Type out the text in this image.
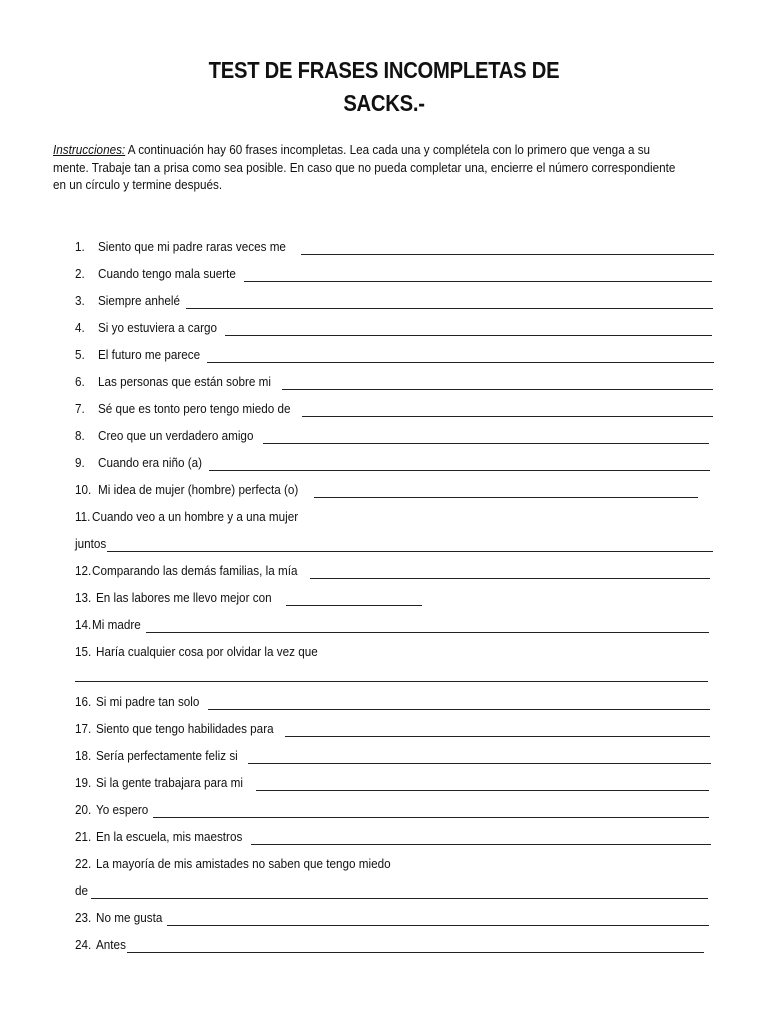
TEST DE FRASES INCOMPLETAS DE
SACKS.-
Instrucciones: A continuación hay 60 frases incompletas. Lea cada una y complétela con lo primero que venga a su
mente. Trabaje tan a prisa como sea posible. En caso que no pueda completar una, encierre el número correspondiente
en un círculo y termine después.
1. Siento que mi padre raras veces me
2. Cuando tengo mala suerte
3. Siempre anhelé
4. Si yo estuviera a cargo
5. El futuro me parece
6. Las personas que están sobre mi
7. Sé que es tonto pero tengo miedo de
8. Creo que un verdadero amigo
9. Cuando era niño (a)
10. Mi idea de mujer (hombre) perfecta (o)
11. Cuando veo a un hombre y a una mujer
juntos
12. Comparando las demás familias, la mía
13. En las labores me llevo mejor con
14. Mi madre
15. Haría cualquier cosa por olvidar la vez que
16. Si mi padre tan solo
17. Siento que tengo habilidades para
18. Sería perfectamente feliz si
19. Si la gente trabajara para mi
20. Yo espero
21. En la escuela, mis maestros
22. La mayoría de mis amistades no saben que tengo miedo
de
23. No me gusta
24. Antes
